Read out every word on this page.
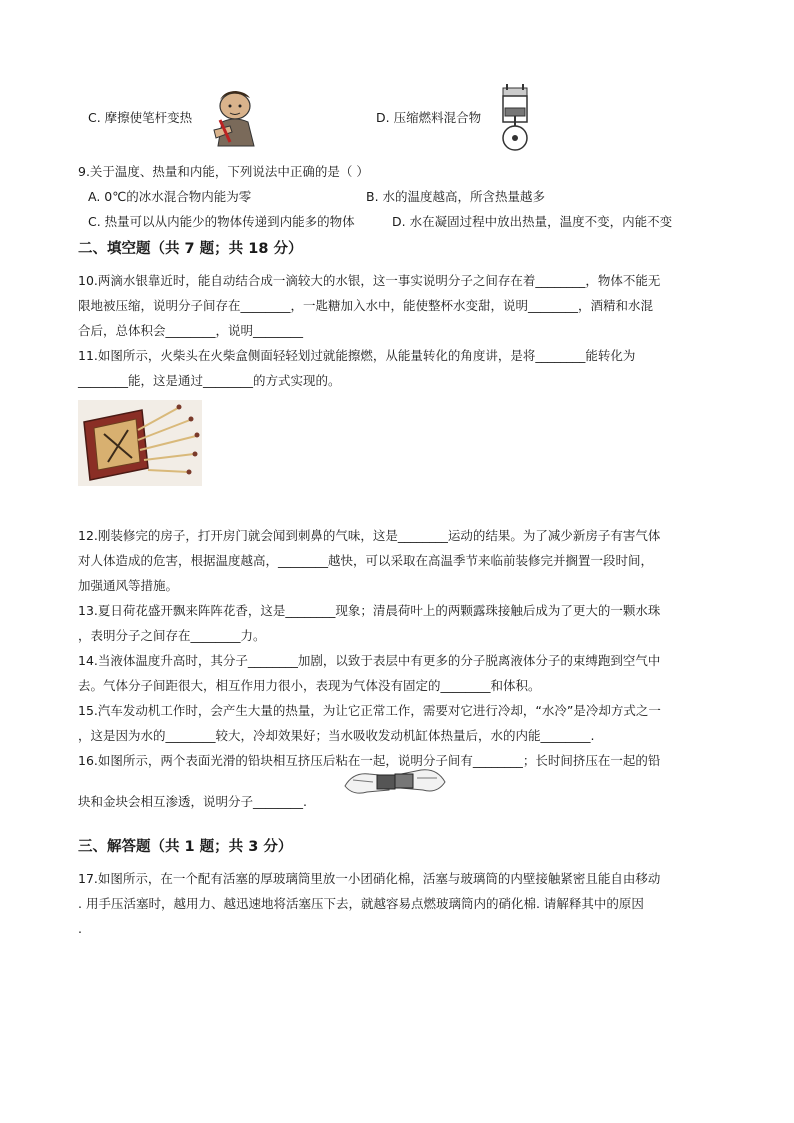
C. 摩擦使笔杆变热	D. 压缩燃料混合物
9.关于温度、热量和内能，下列说法中正确的是（ ）
A. 0℃的冰水混合物内能为零	B. 水的温度越高，所含热量越多
C. 热量可以从内能少的物体传递到内能多的物体	D. 水在凝固过程中放出热量，温度不变，内能不变
二、填空题（共 7 题；共 18 分）
10.两滴水银靠近时，能自动结合成一滴较大的水银，这一事实说明分子之间存在着________，物体不能无
限地被压缩，说明分子间存在________，一匙糖加入水中，能使整杯水变甜，说明________，酒精和水混
合后，总体积会________，说明________
11.如图所示，火柴头在火柴盒侧面轻轻划过就能擦燃，从能量转化的角度讲，是将________能转化为
________能，这是通过________的方式实现的。
12.刚装修完的房子，打开房门就会闻到刺鼻的气味，这是________运动的结果。为了减少新房子有害气体
对人体造成的危害，根据温度越高，________越快，可以采取在高温季节来临前装修完并搁置一段时间，
加强通风等措施。
13.夏日荷花盛开飘来阵阵花香，这是________现象；清晨荷叶上的两颗露珠接触后成为了更大的一颗水珠
，表明分子之间存在________力。
14.当液体温度升高时，其分子________加剧，以致于表层中有更多的分子脱离液体分子的束缚跑到空气中
去。气体分子间距很大，相互作用力很小，表现为气体没有固定的________和体积。
15.汽车发动机工作时，会产生大量的热量，为让它正常工作，需要对它进行冷却，“水冷”是冷却方式之一
，这是因为水的________较大，冷却效果好；当水吸收发动机缸体热量后，水的内能________.
16.如图所示，两个表面光滑的铅块相互挤压后粘在一起，说明分子间有________；长时间挤压在一起的铅
块和金块会相互渗透，说明分子________.
三、解答题（共 1 题；共 3 分）
17.如图所示，在一个配有活塞的厚玻璃筒里放一小团硝化棉，活塞与玻璃筒的内壁接触紧密且能自由移动
. 用手压活塞时，越用力、越迅速地将活塞压下去，就越容易点燃玻璃筒内的硝化棉. 请解释其中的原因
.
